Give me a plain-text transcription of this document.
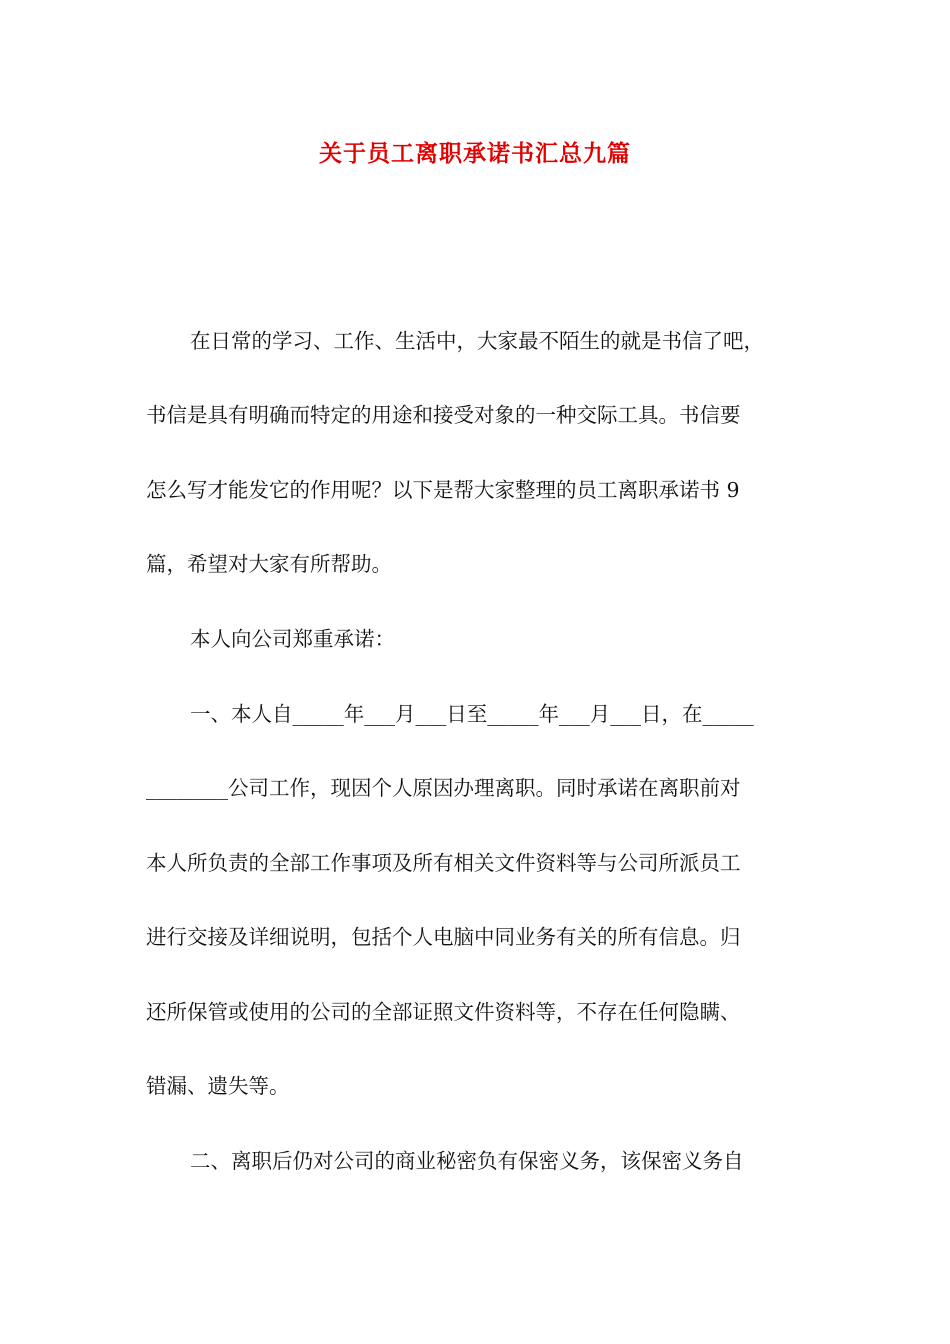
关于员工离职承诺书汇总九篇
在日常的学习、工作、生活中，大家最不陌生的就是书信了吧，
书信是具有明确而特定的用途和接受对象的一种交际工具。书信要
怎么写才能发它的作用呢？以下是帮大家整理的员工离职承诺书 9
篇，希望对大家有所帮助。
本人向公司郑重承诺：
一、本人自_____年___月___日至_____年___月___日，在_____
________公司工作，现因个人原因办理离职。同时承诺在离职前对
本人所负责的全部工作事项及所有相关文件资料等与公司所派员工
进行交接及详细说明，包括个人电脑中同业务有关的所有信息。归
还所保管或使用的公司的全部证照文件资料等，不存在任何隐瞒、
错漏、遗失等。
二、离职后仍对公司的商业秘密负有保密义务，该保密义务自
